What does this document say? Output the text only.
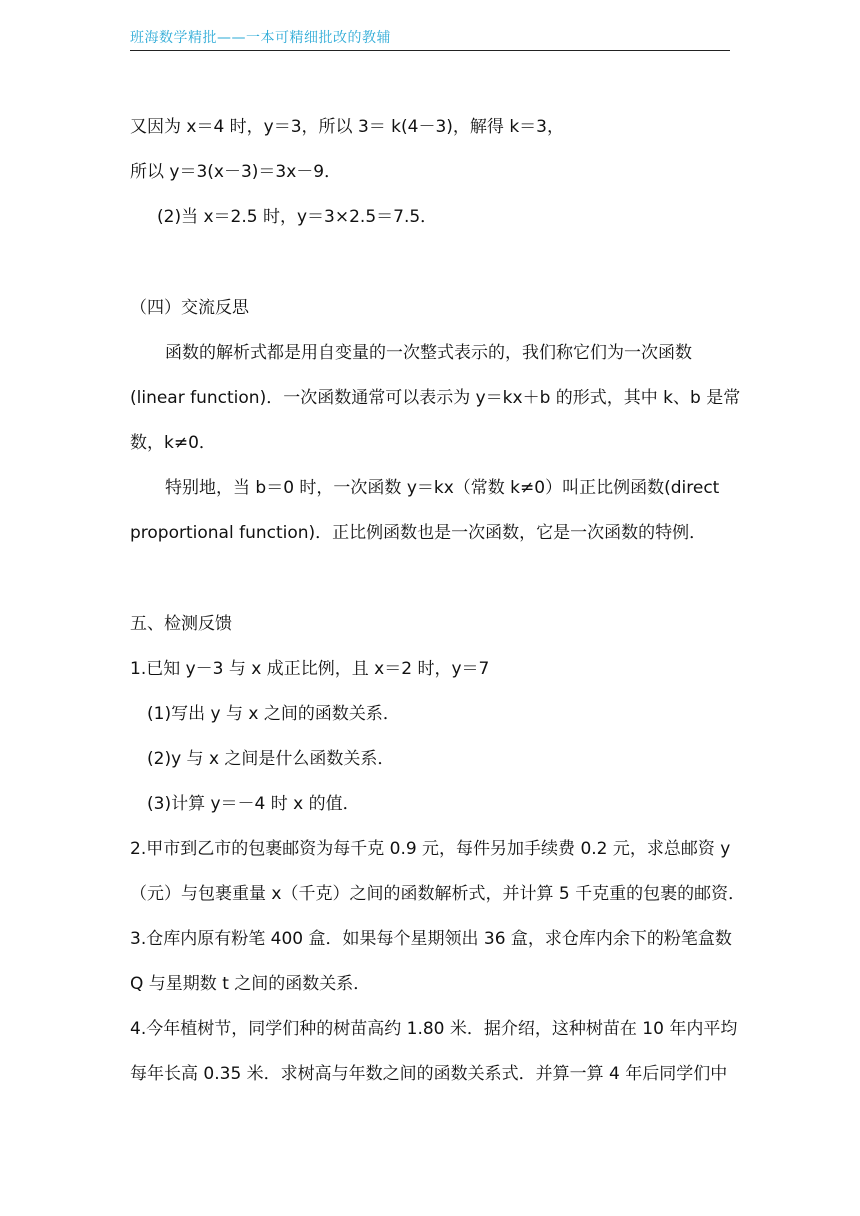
班海数学精批——一本可精细批改的教辅
又因为 x＝4 时，y＝3，所以 3＝ k(4－3)，解得 k＝3，
所以 y＝3(x－3)＝3x－9．
(2)当 x＝2.5 时，y＝3×2.5＝7.5．
（四）交流反思
函数的解析式都是用自变量的一次整式表示的，我们称它们为一次函数
(linear function)．一次函数通常可以表示为 y＝kx＋b 的形式，其中 k、b 是常
数，k≠0．
特别地，当 b＝0 时，一次函数 y＝kx（常数 k≠0）叫正比例函数(direct
proportional function)．正比例函数也是一次函数，它是一次函数的特例．
五、检测反馈
1.已知 y－3 与 x 成正比例，且 x＝2 时，y＝7
(1)写出 y 与 x 之间的函数关系．
(2)y 与 x 之间是什么函数关系．
(3)计算 y＝－4 时 x 的值．
2.甲市到乙市的包裹邮资为每千克 0.9 元，每件另加手续费 0.2 元，求总邮资 y
（元）与包裹重量 x（千克）之间的函数解析式，并计算 5 千克重的包裹的邮资．
3.仓库内原有粉笔 400 盒．如果每个星期领出 36 盒，求仓库内余下的粉笔盒数
Q 与星期数 t 之间的函数关系．
4.今年植树节，同学们种的树苗高约 1.80 米．据介绍，这种树苗在 10 年内平均
每年长高 0.35 米．求树高与年数之间的函数关系式．并算一算 4 年后同学们中
